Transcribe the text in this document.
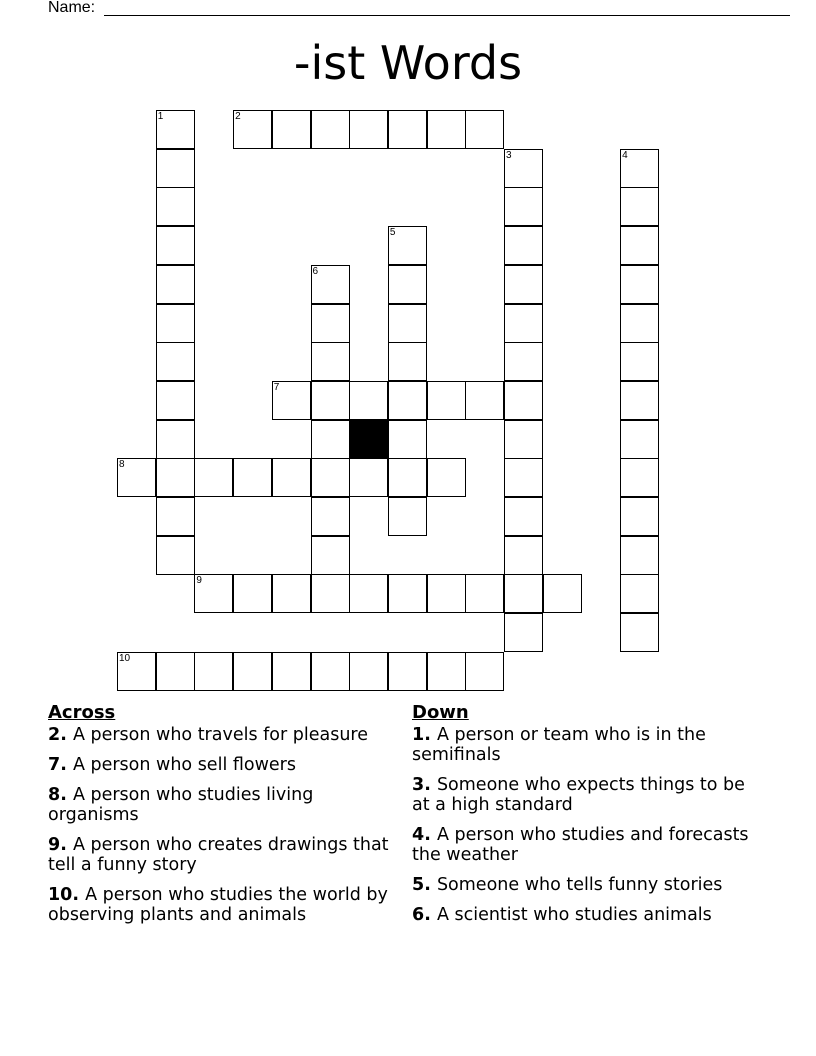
Name:
-ist Words
1	2
3	4
5
6
7
8
9
10
Across
2. A person who travels for pleasure
7. A person who sell flowers
8. A person who studies living organisms
9. A person who creates drawings that tell a funny story
10. A person who studies the world by observing plants and animals
Down
1. A person or team who is in the semifinals
3. Someone who expects things to be at a high standard
4. A person who studies and forecasts the weather
5. Someone who tells funny stories
6. A scientist who studies animals
